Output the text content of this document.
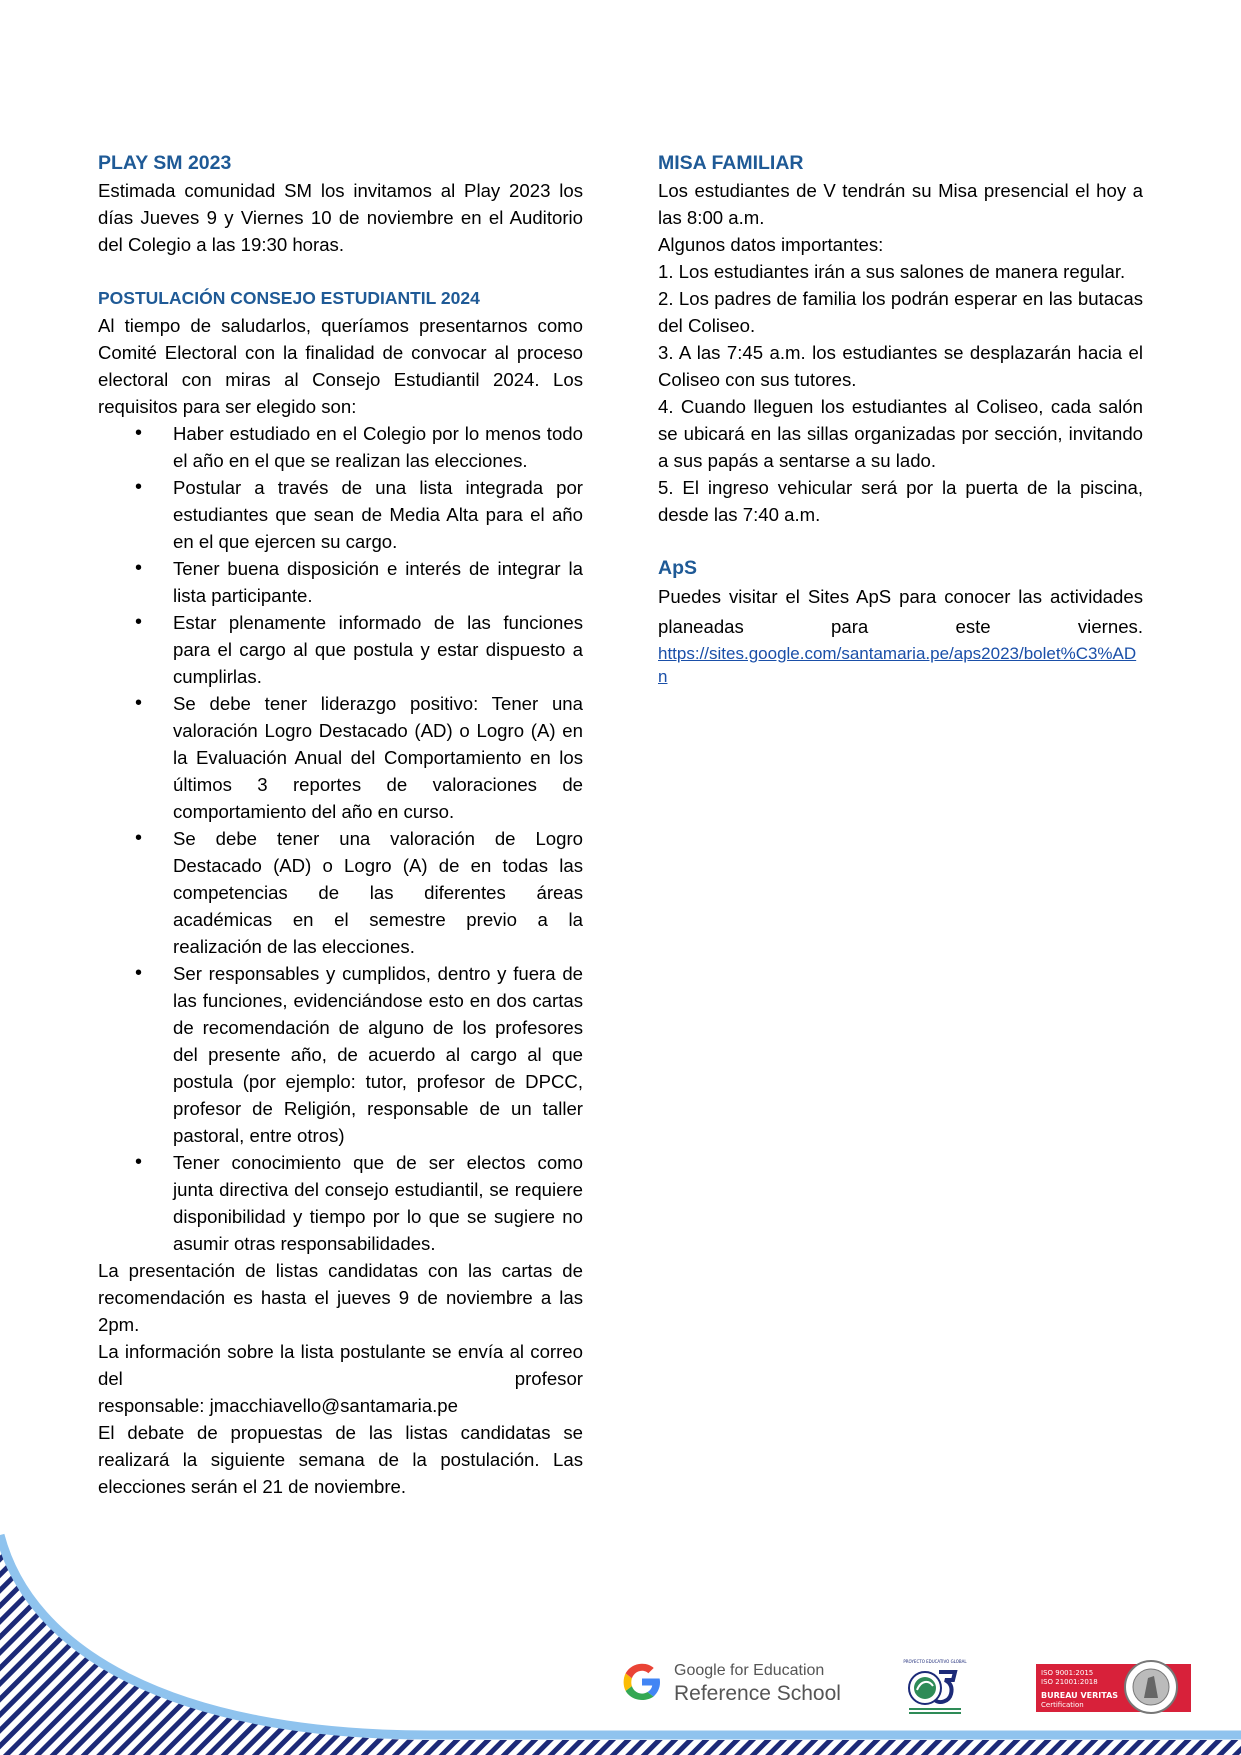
PLAY SM 2023

Estimada comunidad SM los invitamos al Play 2023 los días Jueves 9 y Viernes 10 de noviembre en el Auditorio del Colegio a las 19:30 horas.

POSTULACIÓN CONSEJO ESTUDIANTIL 2024

Al tiempo de saludarlos, queríamos presentarnos como Comité Electoral con la finalidad de convocar al proceso electoral con miras al Consejo Estudiantil 2024. Los requisitos para ser elegido son:

• Haber estudiado en el Colegio por lo menos todo el año en el que se realizan las elecciones.
• Postular a través de una lista integrada por estudiantes que sean de Media Alta para el año en el que ejercen su cargo.
• Tener buena disposición e interés de integrar la lista participante.
• Estar plenamente informado de las funciones para el cargo al que postula y estar dispuesto a cumplirlas.
• Se debe tener liderazgo positivo: Tener una valoración Logro Destacado (AD) o Logro (A) en la Evaluación Anual del Comportamiento en los últimos 3 reportes de valoraciones de comportamiento del año en curso.
• Se debe tener una valoración de Logro Destacado (AD) o Logro (A) de en todas las competencias de las diferentes áreas académicas en el semestre previo a la realización de las elecciones.
• Ser responsables y cumplidos, dentro y fuera de las funciones, evidenciándose esto en dos cartas de recomendación de alguno de los profesores del presente año, de acuerdo al cargo al que postula (por ejemplo: tutor, profesor de DPCC, profesor de Religión, responsable de un taller pastoral, entre otros)
• Tener conocimiento que de ser electos como junta directiva del consejo estudiantil, se requiere disponibilidad y tiempo por lo que se sugiere no asumir otras responsabilidades.

La presentación de listas candidatas con las cartas de recomendación es hasta el jueves 9 de noviembre a las 2pm.

La información sobre la lista postulante se envía al correo del profesor

responsable: jmacchiavello@santamaria.pe

El debate de propuestas de las listas candidatas se realizará la siguiente semana de la postulación. Las elecciones serán el 21 de noviembre.

MISA FAMILIAR

Los estudiantes de V tendrán su Misa presencial el hoy a las 8:00 a.m.

Algunos datos importantes:

1. Los estudiantes irán a sus salones de manera regular.

2. Los padres de familia los podrán esperar en las butacas del Coliseo.

3. A las 7:45 a.m. los estudiantes se desplazarán hacia el Coliseo con sus tutores.

4. Cuando lleguen los estudiantes al Coliseo, cada salón se ubicará en las sillas organizadas por sección, invitando a sus papás a sentarse a su lado.

5. El ingreso vehicular será por la puerta de la piscina, desde las 7:40 a.m.

ApS

Puedes visitar el Sites ApS para conocer las actividades planeadas para este viernes.

https://sites.google.com/santamaria.pe/aps2023/bolet%C3%ADn
Google for Education
Reference School
PROYECTO EDUCATIVO GLOBAL
ISO 9001:2015
ISO 21001:2018
BUREAU VERITAS
Certification
